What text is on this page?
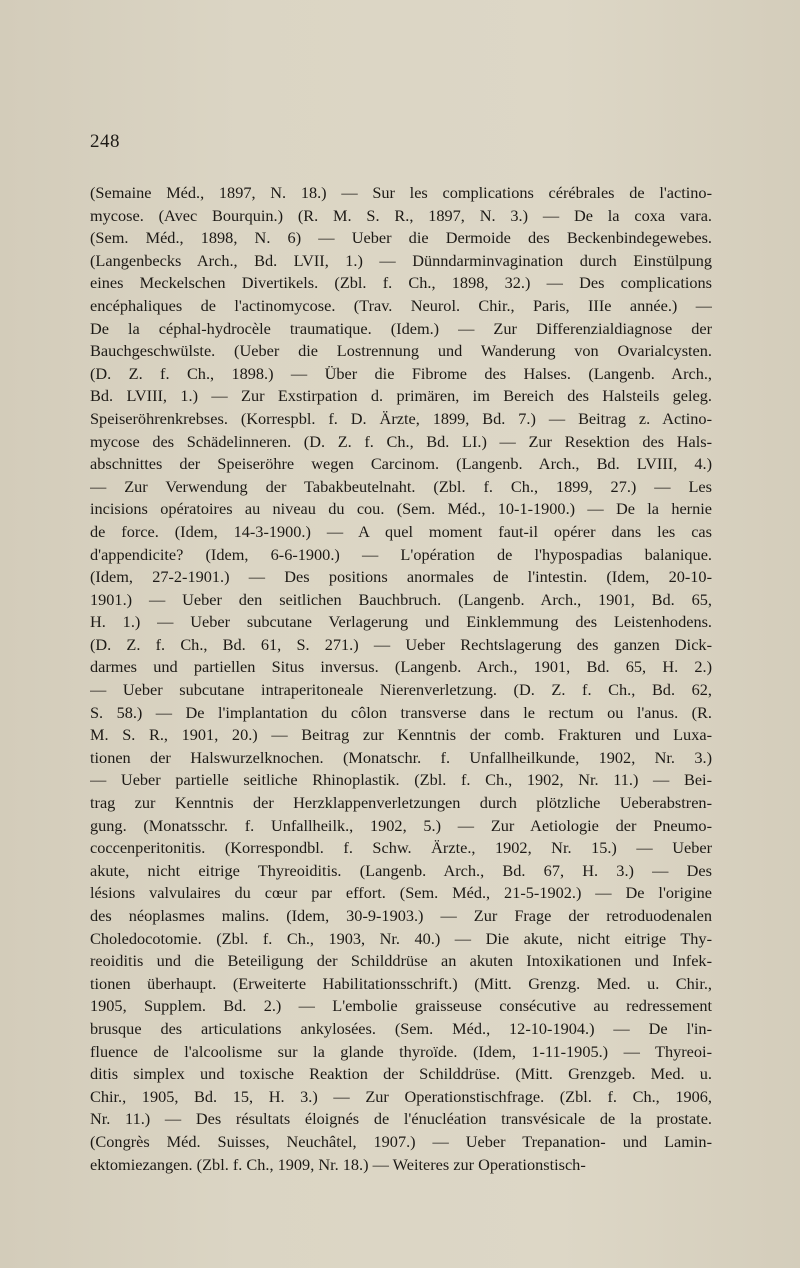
248
(Semaine Méd., 1897, N. 18.) — Sur les complications cérébrales de l'actino-
mycose. (Avec Bourquin.) (R. M. S. R., 1897, N. 3.) — De la coxa vara.
(Sem. Méd., 1898, N. 6) — Ueber die Dermoide des Beckenbindegewebes.
(Langenbecks Arch., Bd. LVII, 1.) — Dünndarminvagination durch Einstülpung
eines Meckelschen Divertikels. (Zbl. f. Ch., 1898, 32.) — Des complications
encéphaliques de l'actinomycose. (Trav. Neurol. Chir., Paris, IIIe année.) —
De la céphal-hydrocèle traumatique. (Idem.) — Zur Differenzialdiagnose der
Bauchgeschwülste. (Ueber die Lostrennung und Wanderung von Ovarialcysten.
(D. Z. f. Ch., 1898.) — Über die Fibrome des Halses. (Langenb. Arch.,
Bd. LVIII, 1.) — Zur Exstirpation d. primären, im Bereich des Halsteils geleg.
Speiseröhrenkrebses. (Korrespbl. f. D. Ärzte, 1899, Bd. 7.) — Beitrag z. Actino-
mycose des Schädelinneren. (D. Z. f. Ch., Bd. LI.) — Zur Resektion des Hals-
abschnittes der Speiseröhre wegen Carcinom. (Langenb. Arch., Bd. LVIII, 4.)
— Zur Verwendung der Tabakbeutelnaht. (Zbl. f. Ch., 1899, 27.) — Les
incisions opératoires au niveau du cou. (Sem. Méd., 10-1-1900.) — De la hernie
de force. (Idem, 14-3-1900.) — A quel moment faut-il opérer dans les cas
d'appendicite? (Idem, 6-6-1900.) — L'opération de l'hypospadias balanique.
(Idem, 27-2-1901.) — Des positions anormales de l'intestin. (Idem, 20-10-
1901.) — Ueber den seitlichen Bauchbruch. (Langenb. Arch., 1901, Bd. 65,
H. 1.) — Ueber subcutane Verlagerung und Einklemmung des Leistenhodens.
(D. Z. f. Ch., Bd. 61, S. 271.) — Ueber Rechtslagerung des ganzen Dick-
darmes und partiellen Situs inversus. (Langenb. Arch., 1901, Bd. 65, H. 2.)
— Ueber subcutane intraperitoneale Nierenverletzung. (D. Z. f. Ch., Bd. 62,
S. 58.) — De l'implantation du côlon transverse dans le rectum ou l'anus. (R.
M. S. R., 1901, 20.) — Beitrag zur Kenntnis der comb. Frakturen und Luxa-
tionen der Halswurzelknochen. (Monatschr. f. Unfallheilkunde, 1902, Nr. 3.)
— Ueber partielle seitliche Rhinoplastik. (Zbl. f. Ch., 1902, Nr. 11.) — Bei-
trag zur Kenntnis der Herzklappenverletzungen durch plötzliche Ueberabstren-
gung. (Monatsschr. f. Unfallheilk., 1902, 5.) — Zur Aetiologie der Pneumo-
coccenperitonitis. (Korrespondbl. f. Schw. Ärzte., 1902, Nr. 15.) — Ueber
akute, nicht eitrige Thyreoiditis. (Langenb. Arch., Bd. 67, H. 3.) — Des
lésions valvulaires du cœur par effort. (Sem. Méd., 21-5-1902.) — De l'origine
des néoplasmes malins. (Idem, 30-9-1903.) — Zur Frage der retroduodenalen
Choledocotomie. (Zbl. f. Ch., 1903, Nr. 40.) — Die akute, nicht eitrige Thy-
reoiditis und die Beteiligung der Schilddrüse an akuten Intoxikationen und Infek-
tionen überhaupt. (Erweiterte Habilitationsschrift.) (Mitt. Grenzg. Med. u. Chir.,
1905, Supplem. Bd. 2.) — L'embolie graisseuse consécutive au redressement
brusque des articulations ankylosées. (Sem. Méd., 12-10-1904.) — De l'in-
fluence de l'alcoolisme sur la glande thyroïde. (Idem, 1-11-1905.) — Thyreoi-
ditis simplex und toxische Reaktion der Schilddrüse. (Mitt. Grenzgeb. Med. u.
Chir., 1905, Bd. 15, H. 3.) — Zur Operationstischfrage. (Zbl. f. Ch., 1906,
Nr. 11.) — Des résultats éloignés de l'énucléation transvésicale de la prostate.
(Congrès Méd. Suisses, Neuchâtel, 1907.) — Ueber Trepanation- und Lamin-
ektomiezangen. (Zbl. f. Ch., 1909, Nr. 18.) — Weiteres zur Operationstisch-
